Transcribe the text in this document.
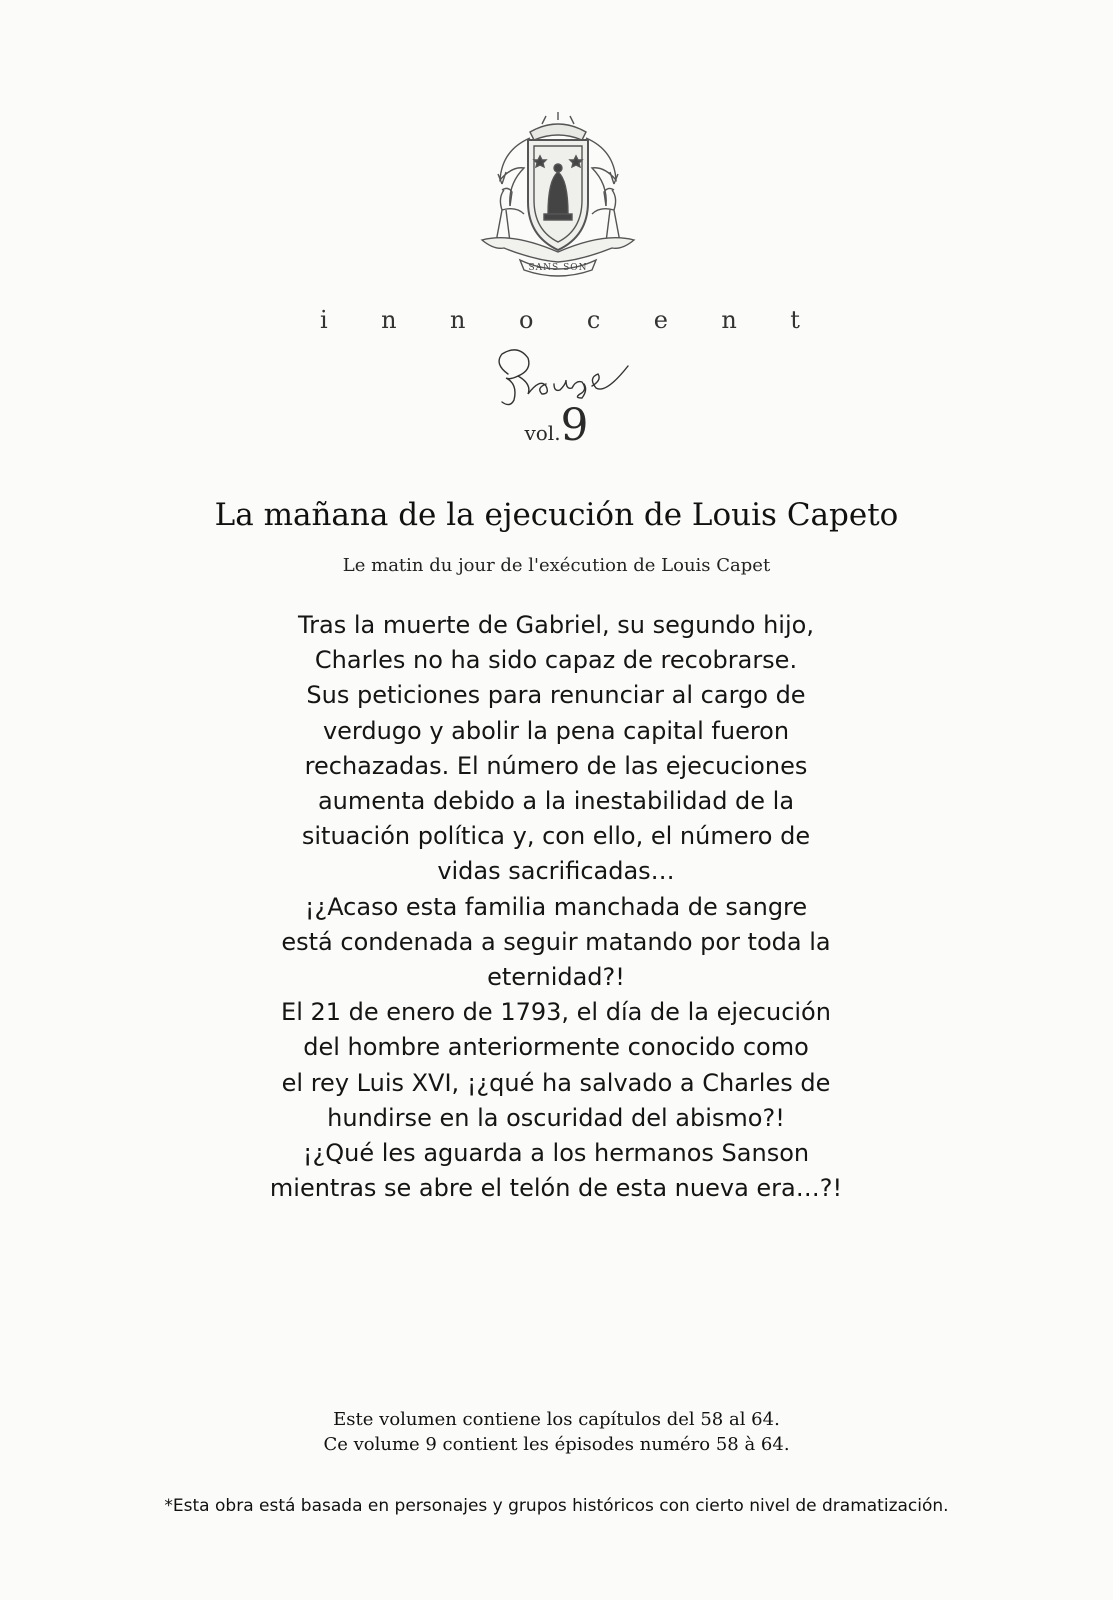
SANS SON
i n n o c e n t
Rouge
vol.9
La mañana de la ejecución de Louis Capeto
Le matin du jour de l'exécution de Louis Capet
Tras la muerte de Gabriel, su segundo hijo,
Charles no ha sido capaz de recobrarse.
Sus peticiones para renunciar al cargo de
verdugo y abolir la pena capital fueron
rechazadas. El número de las ejecuciones
aumenta debido a la inestabilidad de la
situación política y, con ello, el número de
vidas sacrificadas…
¡¿Acaso esta familia manchada de sangre
está condenada a seguir matando por toda la
eternidad?!
El 21 de enero de 1793, el día de la ejecución
del hombre anteriormente conocido como
el rey Luis XVI, ¡¿qué ha salvado a Charles de
hundirse en la oscuridad del abismo?!
¡¿Qué les aguarda a los hermanos Sanson
mientras se abre el telón de esta nueva era…?!
Este volumen contiene los capítulos del 58 al 64.
Ce volume 9 contient les épisodes numéro 58 à 64.
*Esta obra está basada en personajes y grupos históricos con cierto nivel de dramatización.
